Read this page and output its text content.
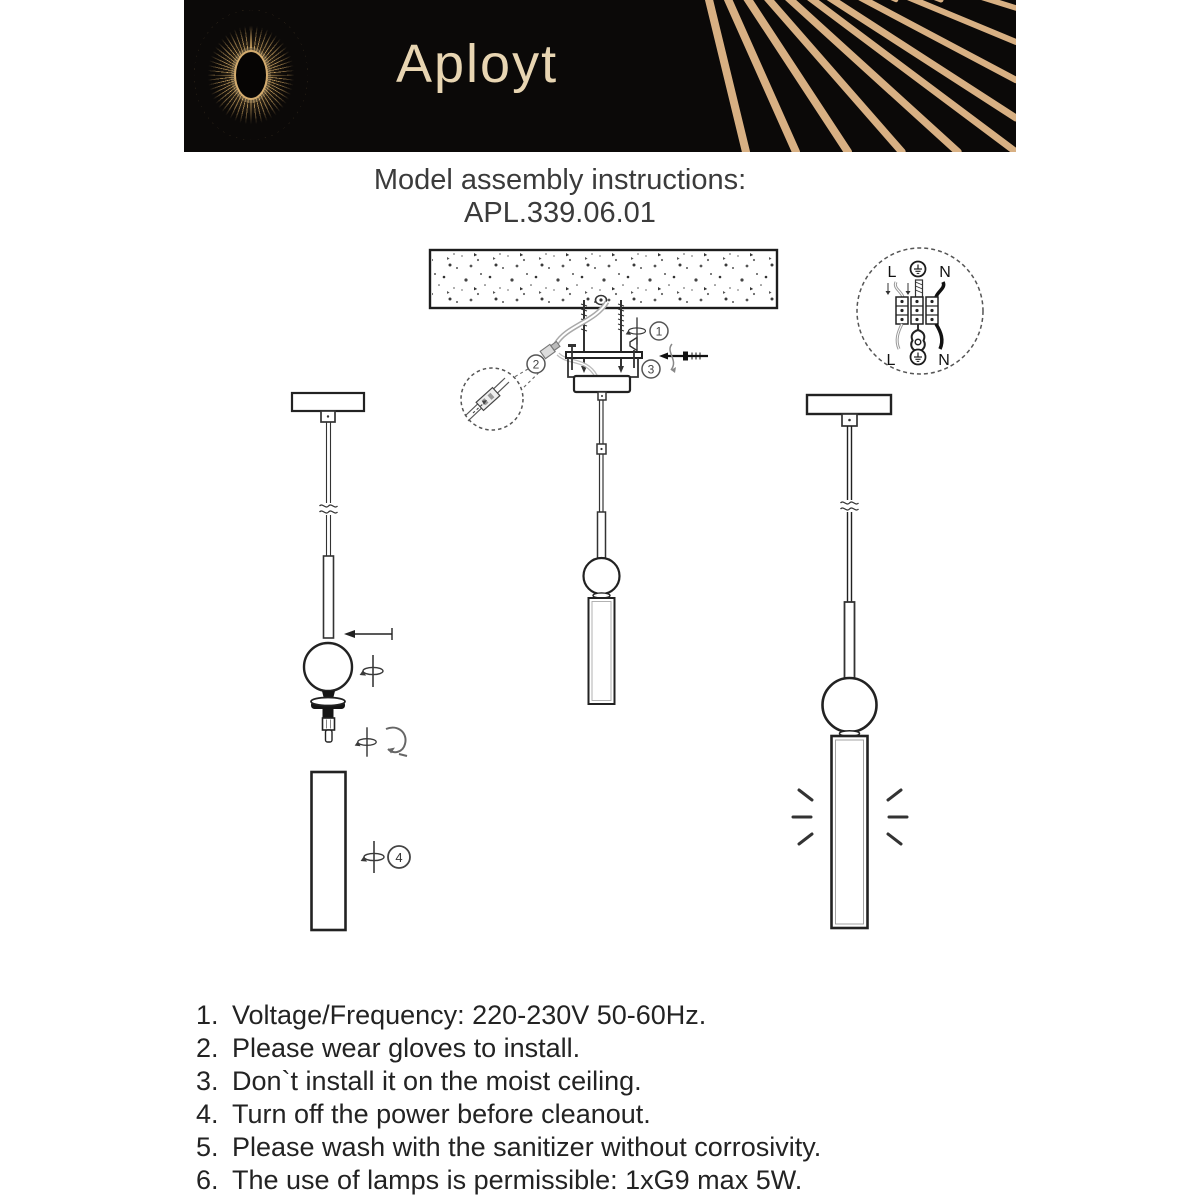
Aployt
Model assembly instructions:
APL.339.06.01
1
3
2
L	N
L	N
4
1. Voltage/Frequency: 220-230V 50-60Hz.
2. Please wear gloves to install.
3. Don`t install it on the moist ceiling.
4. Turn off the power before cleanout.
5. Please wash with the sanitizer without corrosivity.
6. The use of lamps is permissible: 1xG9 max 5W.
